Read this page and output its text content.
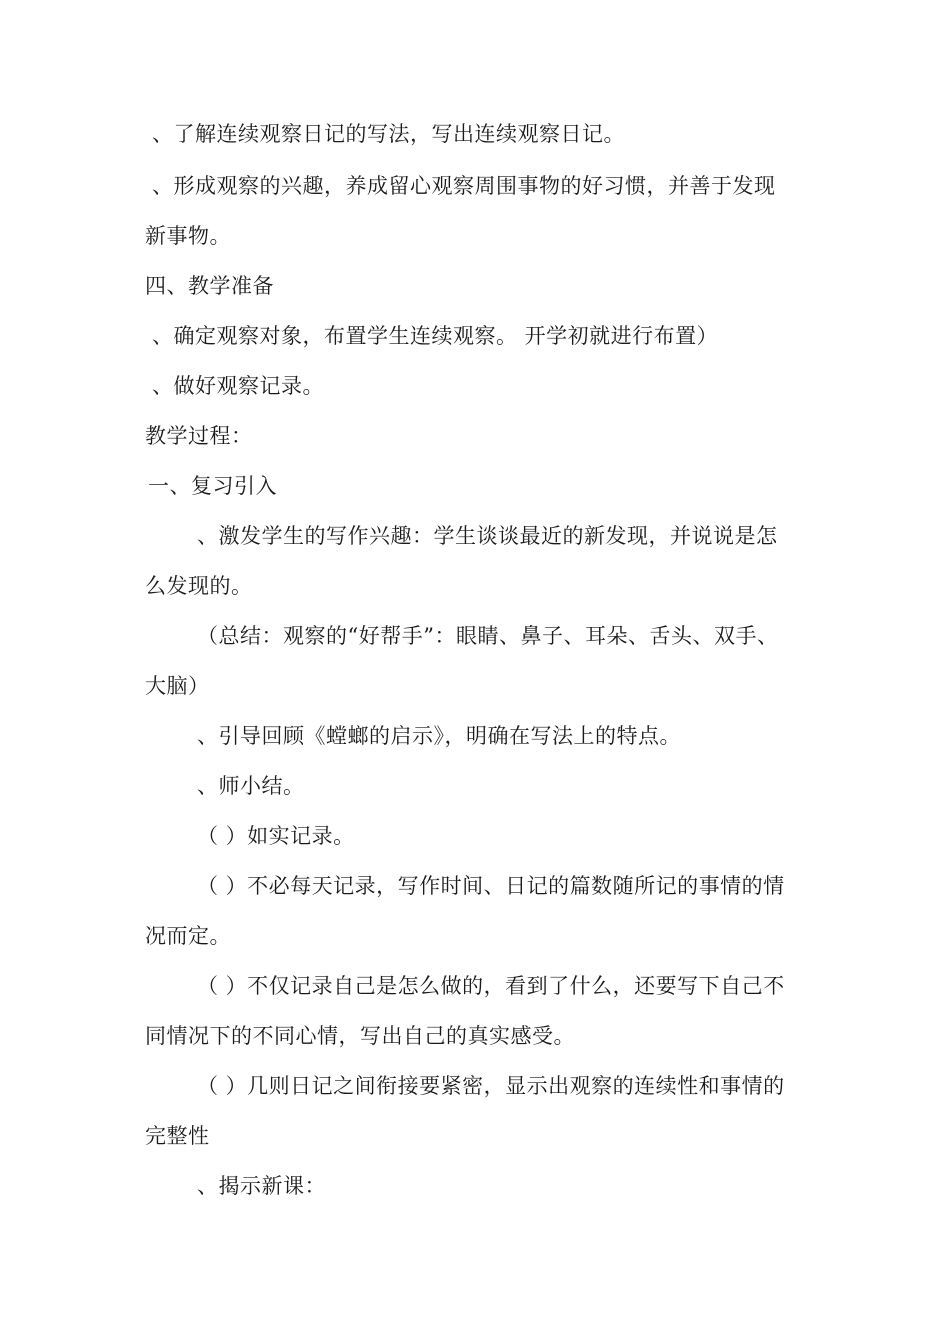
、了解连续观察日记的写法，写出连续观察日记。
、形成观察的兴趣，养成留心观察周围事物的好习惯，并善于发现
新事物。
四、教学准备
、确定观察对象，布置学生连续观察。 开学初就进行布置）
、做好观察记录。
教学过程：
一、复习引入
、激发学生的写作兴趣：学生谈谈最近的新发现，并说说是怎
么发现的。
（总结：观察的“好帮手”：眼睛、鼻子、耳朵、舌头、双手、
大脑）
、引导回顾《螳螂的启示》，明确在写法上的特点。
、师小结。
（ ）如实记录。
（ ）不必每天记录，写作时间、日记的篇数随所记的事情的情
况而定。
（ ）不仅记录自己是怎么做的，看到了什么，还要写下自己不
同情况下的不同心情，写出自己的真实感受。
（ ）几则日记之间衔接要紧密，显示出观察的连续性和事情的
完整性
、揭示新课：
